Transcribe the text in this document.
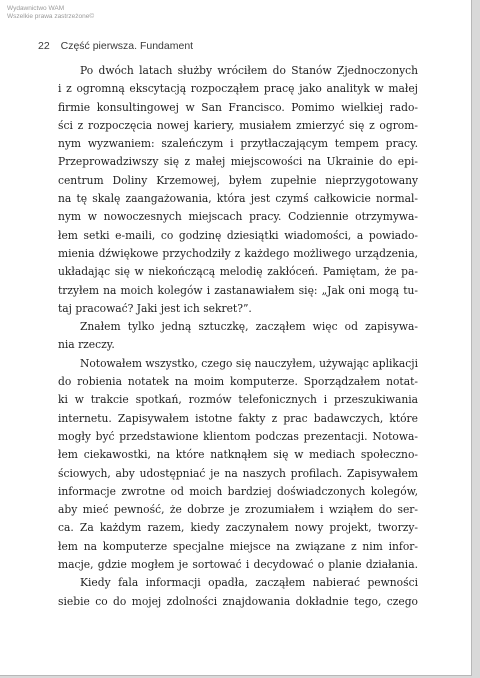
Wydawnictwo WAM
Wszelkie prawa zastrzeżone©
22 Część pierwsza. Fundament
Po dwóch latach służby wróciłem do Stanów Zjednoczonych
i z ogromną ekscytacją rozpocząłem pracę jako analityk w małej
firmie konsultingowej w San Francisco. Pomimo wielkiej rado-
ści z rozpoczęcia nowej kariery, musiałem zmierzyć się z ogrom-
nym wyzwaniem: szaleńczym i przytłaczającym tempem pracy.
Przeprowadziwszy się z małej miejscowości na Ukrainie do epi-
centrum Doliny Krzemowej, byłem zupełnie nieprzygotowany
na tę skalę zaangażowania, która jest czymś całkowicie normal-
nym w nowoczesnych miejscach pracy. Codziennie otrzymywa-
łem setki e-maili, co godzinę dziesiątki wiadomości, a powiado-
mienia dźwiękowe przychodziły z każdego możliwego urządzenia,
układając się w niekończącą melodię zakłóceń. Pamiętam, że pa-
trzyłem na moich kolegów i zastanawiałem się: „Jak oni mogą tu-
taj pracować? Jaki jest ich sekret?”.
Znałem tylko jedną sztuczkę, zacząłem więc od zapisywa-
nia rzeczy.
Notowałem wszystko, czego się nauczyłem, używając aplikacji
do robienia notatek na moim komputerze. Sporządzałem notat-
ki w trakcie spotkań, rozmów telefonicznych i przeszukiwania
internetu. Zapisywałem istotne fakty z prac badawczych, które
mogły być przedstawione klientom podczas prezentacji. Notowa-
łem ciekawostki, na które natknąłem się w mediach społeczno-
ściowych, aby udostępniać je na naszych profilach. Zapisywałem
informacje zwrotne od moich bardziej doświadczonych kolegów,
aby mieć pewność, że dobrze je zrozumiałem i wziąłem do ser-
ca. Za każdym razem, kiedy zaczynałem nowy projekt, tworzy-
łem na komputerze specjalne miejsce na związane z nim infor-
macje, gdzie mogłem je sortować i decydować o planie działania.
Kiedy fala informacji opadła, zacząłem nabierać pewności
siebie co do mojej zdolności znajdowania dokładnie tego, czego
